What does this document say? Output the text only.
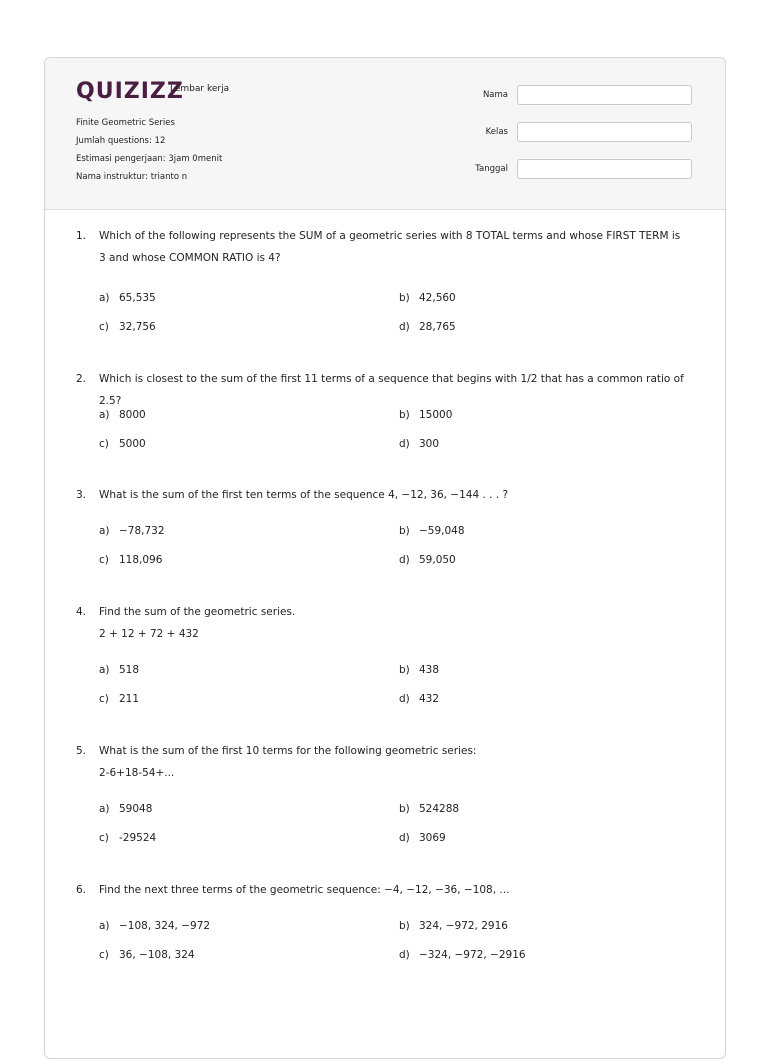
QUIZIZZ
Lembar kerja
Finite Geometric Series
Jumlah questions: 12
Estimasi pengerjaan: 3jam 0menit
Nama instruktur: trianto n
Nama
Kelas
Tanggal
1. Which of the following represents the SUM of a geometric series with 8 TOTAL terms and whose FIRST TERM is 3 and whose COMMON RATIO is 4?
a) 65,535	b) 42,560
c) 32,756	d) 28,765
2. Which is closest to the sum of the first 11 terms of a sequence that begins with 1/2 that has a common ratio of 2.5?
a) 8000	b) 15000
c) 5000	d) 300
3. What is the sum of the first ten terms of the sequence 4, −12, 36, −144 . . . ?
a) −78,732	b) −59,048
c) 118,096	d) 59,050
4. Find the sum of the geometric series.
2 + 12 + 72 + 432
a) 518	b) 438
c) 211	d) 432
5. What is the sum of the first 10 terms for the following geometric series:
2-6+18-54+...
a) 59048	b) 524288
c) -29524	d) 3069
6. Find the next three terms of the geometric sequence: −4, −12, −36, −108, ...
a) −108, 324, −972	b) 324, −972, 2916
c) 36, −108, 324	d) −324, −972, −2916
